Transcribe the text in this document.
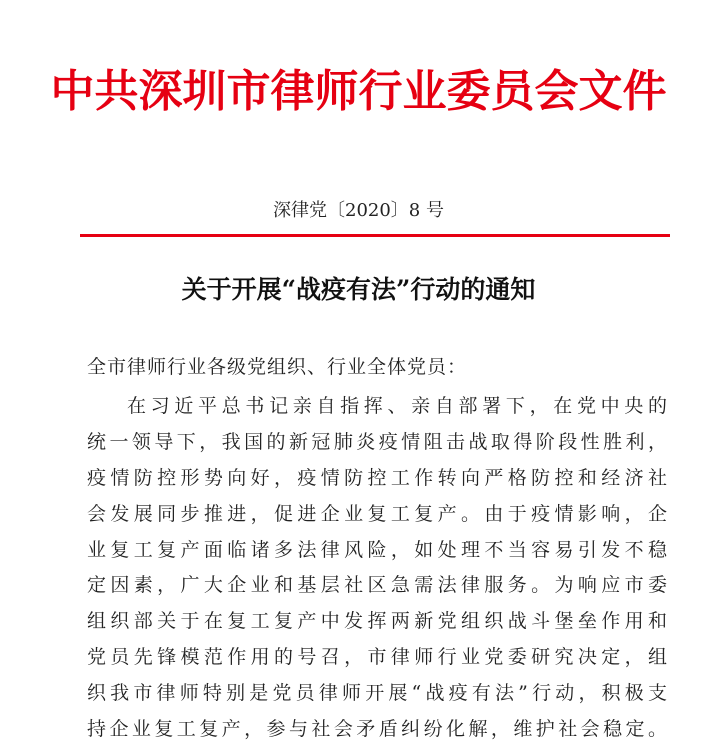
中共深圳市律师行业委员会文件
深律党〔2020〕8 号
关于开展“战疫有法”行动的通知
全市律师行业各级党组织、行业全体党员：
在习近平总书记亲自指挥、亲自部署下，在党中央的
统一领导下，我国的新冠肺炎疫情阻击战取得阶段性胜利，
疫情防控形势向好，疫情防控工作转向严格防控和经济社
会发展同步推进，促进企业复工复产。由于疫情影响，企
业复工复产面临诸多法律风险，如处理不当容易引发不稳
定因素，广大企业和基层社区急需法律服务。为响应市委
组织部关于在复工复产中发挥两新党组织战斗堡垒作用和
党员先锋模范作用的号召，市律师行业党委研究决定，组
织我市律师特别是党员律师开展“战疫有法”行动，积极支
持企业复工复产，参与社会矛盾纠纷化解，维护社会稳定。
